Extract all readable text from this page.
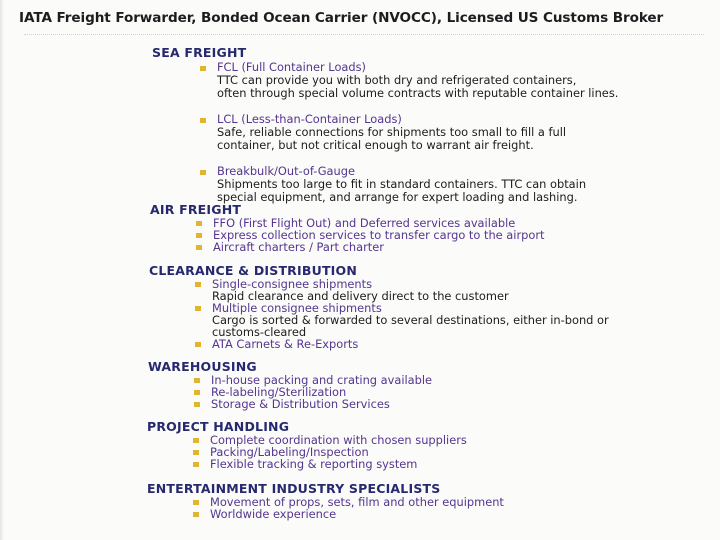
IATA Freight Forwarder, Bonded Ocean Carrier (NVOCC), Licensed US Customs Broker
SEA FREIGHT
FCL (Full Container Loads)
TTC can provide you with both dry and refrigerated containers,
often through special volume contracts with reputable container lines.
LCL (Less-than-Container Loads)
Safe, reliable connections for shipments too small to fill a full
container, but not critical enough to warrant air freight.
Breakbulk/Out-of-Gauge
Shipments too large to fit in standard containers. TTC can obtain
special equipment, and arrange for expert loading and lashing.
AIR FREIGHT
FFO (First Flight Out) and Deferred services available
Express collection services to transfer cargo to the airport
Aircraft charters / Part charter
CLEARANCE & DISTRIBUTION
Single-consignee shipments
Rapid clearance and delivery direct to the customer
Multiple consignee shipments
Cargo is sorted & forwarded to several destinations, either in-bond or
customs-cleared
ATA Carnets & Re-Exports
WAREHOUSING
In-house packing and crating available
Re-labeling/Sterilization
Storage & Distribution Services
PROJECT HANDLING
Complete coordination with chosen suppliers
Packing/Labeling/Inspection
Flexible tracking & reporting system
ENTERTAINMENT INDUSTRY SPECIALISTS
Movement of props, sets, film and other equipment
Worldwide experience
